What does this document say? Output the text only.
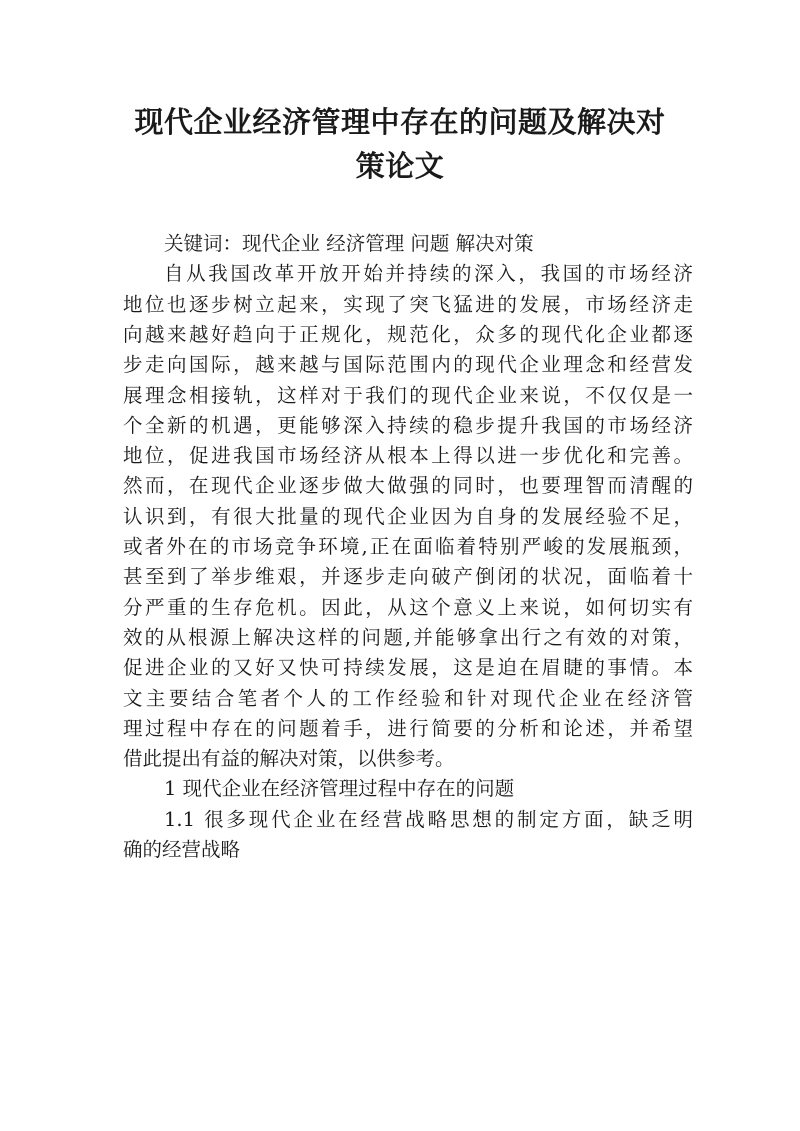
现代企业经济管理中存在的问题及解决对
策论文
关键词：现代企业 经济管理 问题 解决对策
自从我国改革开放开始并持续的深入，我国的市场经济
地位也逐步树立起来，实现了突飞猛进的发展，市场经济走
向越来越好趋向于正规化，规范化，众多的现代化企业都逐
步走向国际，越来越与国际范围内的现代企业理念和经营发
展理念相接轨，这样对于我们的现代企业来说，不仅仅是一
个全新的机遇，更能够深入持续的稳步提升我国的市场经济
地位，促进我国市场经济从根本上得以进一步优化和完善。
然而，在现代企业逐步做大做强的同时，也要理智而清醒的
认识到，有很大批量的现代企业因为自身的发展经验不足，
或者外在的市场竞争环境,正在面临着特别严峻的发展瓶颈，
甚至到了举步维艰，并逐步走向破产倒闭的状况，面临着十
分严重的生存危机。因此，从这个意义上来说，如何切实有
效的从根源上解决这样的问题,并能够拿出行之有效的对策，
促进企业的又好又快可持续发展，这是迫在眉睫的事情。本
文主要结合笔者个人的工作经验和针对现代企业在经济管
理过程中存在的问题着手，进行简要的分析和论述，并希望
借此提出有益的解决对策，以供参考。
1 现代企业在经济管理过程中存在的问题
1.1 很多现代企业在经营战略思想的制定方面，缺乏明
确的经营战略
